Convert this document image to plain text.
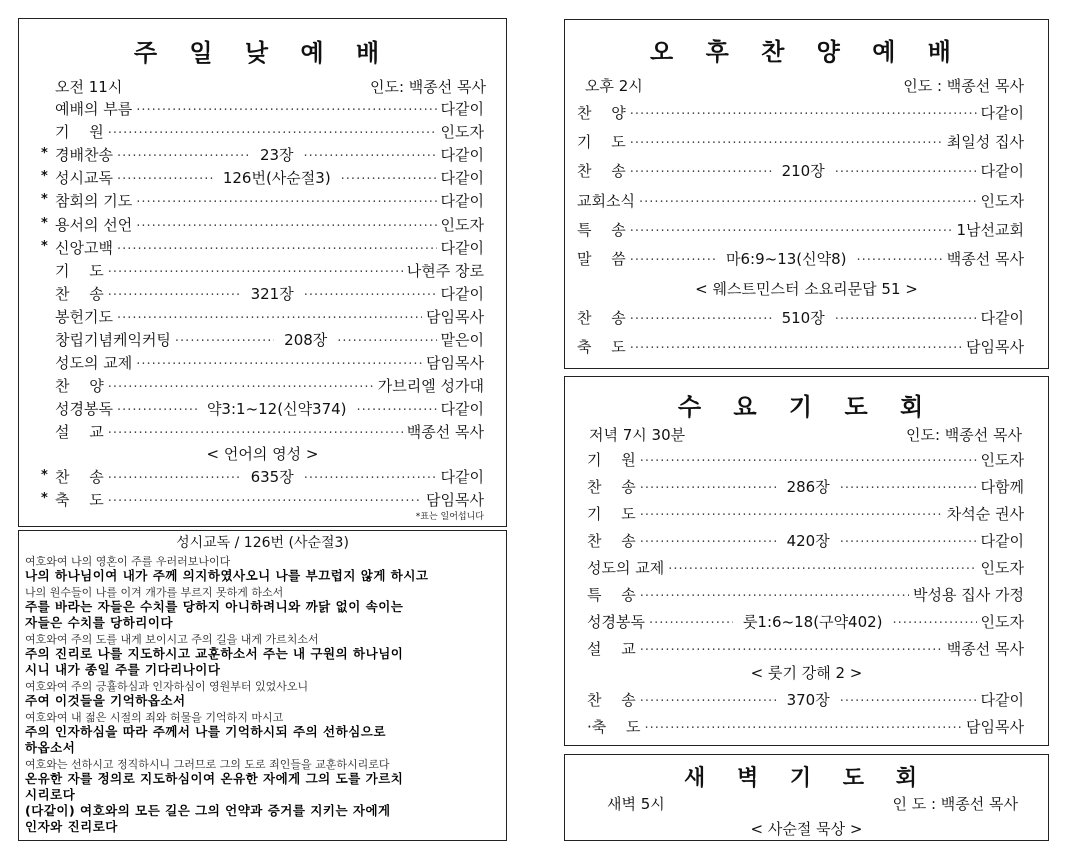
주 일 낮 예 배
오전 11시	인도: 백종선 목사
예배의 부름 ·····	다같이
기　 원 ·····	인도자
* 경배찬송 ·····	23장 ·····	다같이
* 성시교독 ·····	126번(사순절3) ·····	다같이
* 참회의 기도 ·····	다같이
* 용서의 선언 ·····	인도자
* 신앙고백 ·····	다같이
기　 도 ·····	나현주 장로
찬　 송 ·····	321장 ·····	다같이
봉헌기도 ·····	담임목사
창립기념케익커팅 ·····	208장 ·····	맡은이
성도의 교제 ·····	담임목사
찬　 양 ·····	가브리엘 성가대
성경봉독 ·····	약3:1~12(신약374) ·····	다같이
설　 교 ·····	백종선 목사
< 언어의 영성 >
* 찬　 송 ·····	635장 ·····	다같이
* 축　 도 ·····	담임목사
*표는 일어섭니다
성시교독 / 126번 (사순절3)
여호와여 나의 영혼이 주를 우러러보나이다
나의 하나님이여 내가 주께 의지하였사오니 나를 부끄럽지 않게 하시고
나의 원수들이 나를 이겨 개가를 부르지 못하게 하소서
주를 바라는 자들은 수치를 당하지 아니하려니와 까닭 없이 속이는
자들은 수치를 당하리이다
여호와여 주의 도를 내게 보이시고 주의 길을 내게 가르치소서
주의 진리로 나를 지도하시고 교훈하소서 주는 내 구원의 하나님이
시니 내가 종일 주를 기다리나이다
여호와여 주의 긍휼하심과 인자하심이 영원부터 있었사오니
주여 이것들을 기억하옵소서
여호와여 내 젊은 시절의 죄와 허물을 기억하지 마시고
주의 인자하심을 따라 주께서 나를 기억하시되 주의 선하심으로
하옵소서
여호와는 선하시고 정직하시니 그러므로 그의 도로 죄인들을 교훈하시리로다
온유한 자를 정의로 지도하심이여 온유한 자에게 그의 도를 가르치
시리로다
(다같이) 여호와의 모든 길은 그의 언약과 증거를 지키는 자에게
인자와 진리로다
오 후 찬 양 예 배
오후 2시	인도 : 백종선 목사
찬　 양 ·····	다같이
기　 도 ·····	최일성 집사
찬　 송 ·····	210장 ·····	다같이
교회소식 ·····	인도자
특　 송 ·····	1남선교회
말　 씀 ·····	마6:9~13(신약8) ·····	백종선 목사
< 웨스트민스터 소요리문답 51 >
찬　 송 ·····	510장 ·····	다같이
축　 도 ·····	담임목사
수 요 기 도 회
저녁 7시 30분	인도: 백종선 목사
기　 원 ·····	인도자
찬　 송 ·····	286장 ·····	다함께
기　 도 ·····	차석순 권사
찬　 송 ·····	420장 ·····	다같이
성도의 교제 ·····	인도자
특　 송 ·····	박성용 집사 가정
성경봉독 ·····	룻1:6~18(구약402) ·····	인도자
설　 교 ·····	백종선 목사
< 룻기 강해 2 >
찬　 송 ·····	370장 ·····	다같이
·축　 도 ·····	담임목사
새 벽 기 도 회
새벽 5시	인 도 : 백종선 목사
< 사순절 묵상 >
